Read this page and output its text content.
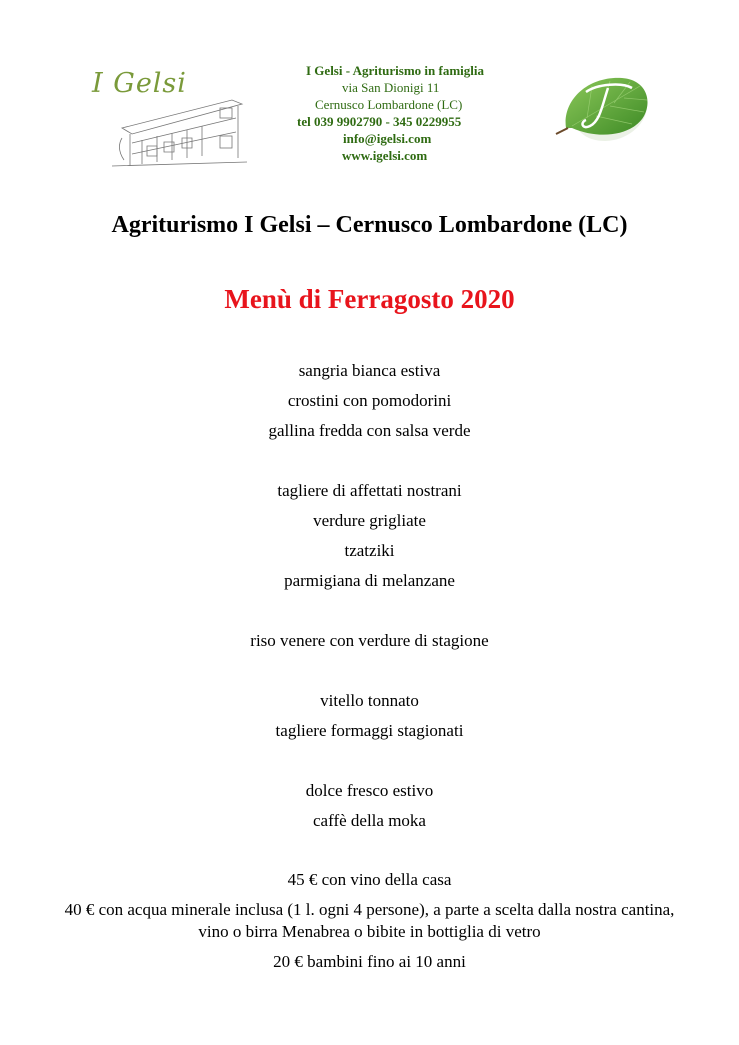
I Gelsi	I Gelsi - Agriturismo in famiglia
via San Dionigi 11
Cernusco Lombardone (LC)
tel 039 9902790 - 345 0229955
info@igelsi.com
www.igelsi.com
Agriturismo I Gelsi – Cernusco Lombardone (LC)
Menù di Ferragosto 2020
sangria bianca estiva
crostini con pomodorini
gallina fredda con salsa verde
tagliere di affettati nostrani
verdure grigliate
tzatziki
parmigiana di melanzane
riso venere con verdure di stagione
vitello tonnato
tagliere formaggi stagionati
dolce fresco estivo
caffè della moka
45 € con vino della casa
40 € con acqua minerale inclusa (1 l. ogni 4 persone), a parte a scelta dalla nostra cantina, vino o birra Menabrea o bibite in bottiglia di vetro
20 € bambini fino ai 10 anni
